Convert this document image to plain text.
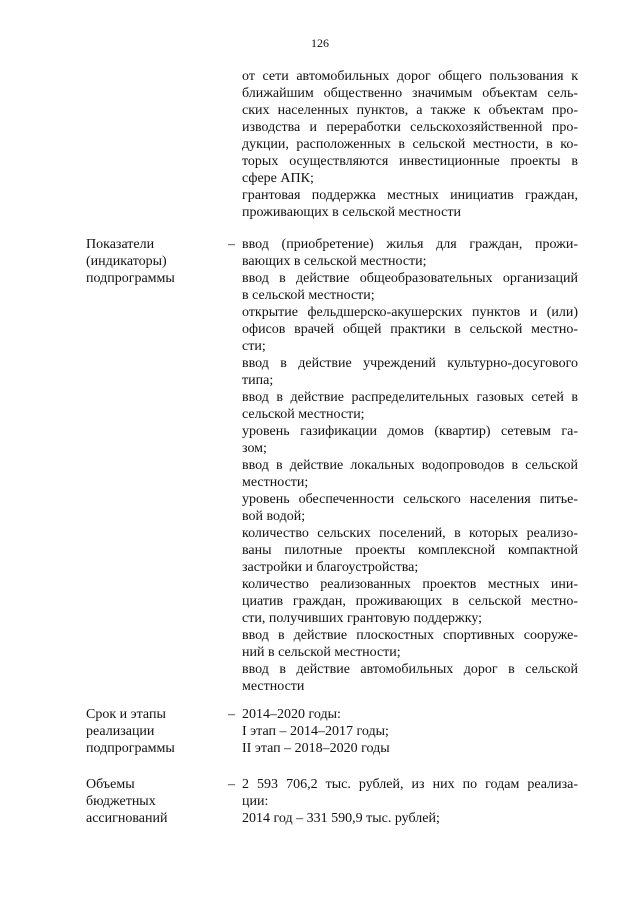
126
от сети автомобильных дорог общего пользования к
ближайшим общественно значимым объектам сель-
ских населенных пунктов, а также к объектам про-
изводства и переработки сельскохозяйственной про-
дукции, расположенных в сельской местности, в ко-
торых осуществляются инвестиционные проекты в
сфере АПК;
грантовая поддержка местных инициатив граждан,
проживающих в сельской местности
Показатели
(индикаторы)
подпрограммы
– ввод (приобретение) жилья для граждан, прожи-
вающих в сельской местности;
ввод в действие общеобразовательных организаций
в сельской местности;
открытие фельдшерско-акушерских пунктов и (или)
офисов врачей общей практики в сельской местно-
сти;
ввод в действие учреждений культурно-досугового
типа;
ввод в действие распределительных газовых сетей в
сельской местности;
уровень газификации домов (квартир) сетевым га-
зом;
ввод в действие локальных водопроводов в сельской
местности;
уровень обеспеченности сельского населения питье-
вой водой;
количество сельских поселений, в которых реализо-
ваны пилотные проекты комплексной компактной
застройки и благоустройства;
количество реализованных проектов местных ини-
циатив граждан, проживающих в сельской местно-
сти, получивших грантовую поддержку;
ввод в действие плоскостных спортивных сооруже-
ний в сельской местности;
ввод в действие автомобильных дорог в сельской
местности
Срок и этапы
реализации
подпрограммы
– 2014–2020 годы:
I этап – 2014–2017 годы;
II этап – 2018–2020 годы
Объемы
бюджетных
ассигнований
– 2 593 706,2 тыс. рублей, из них по годам реализа-
ции:
2014 год – 331 590,9 тыс. рублей;
